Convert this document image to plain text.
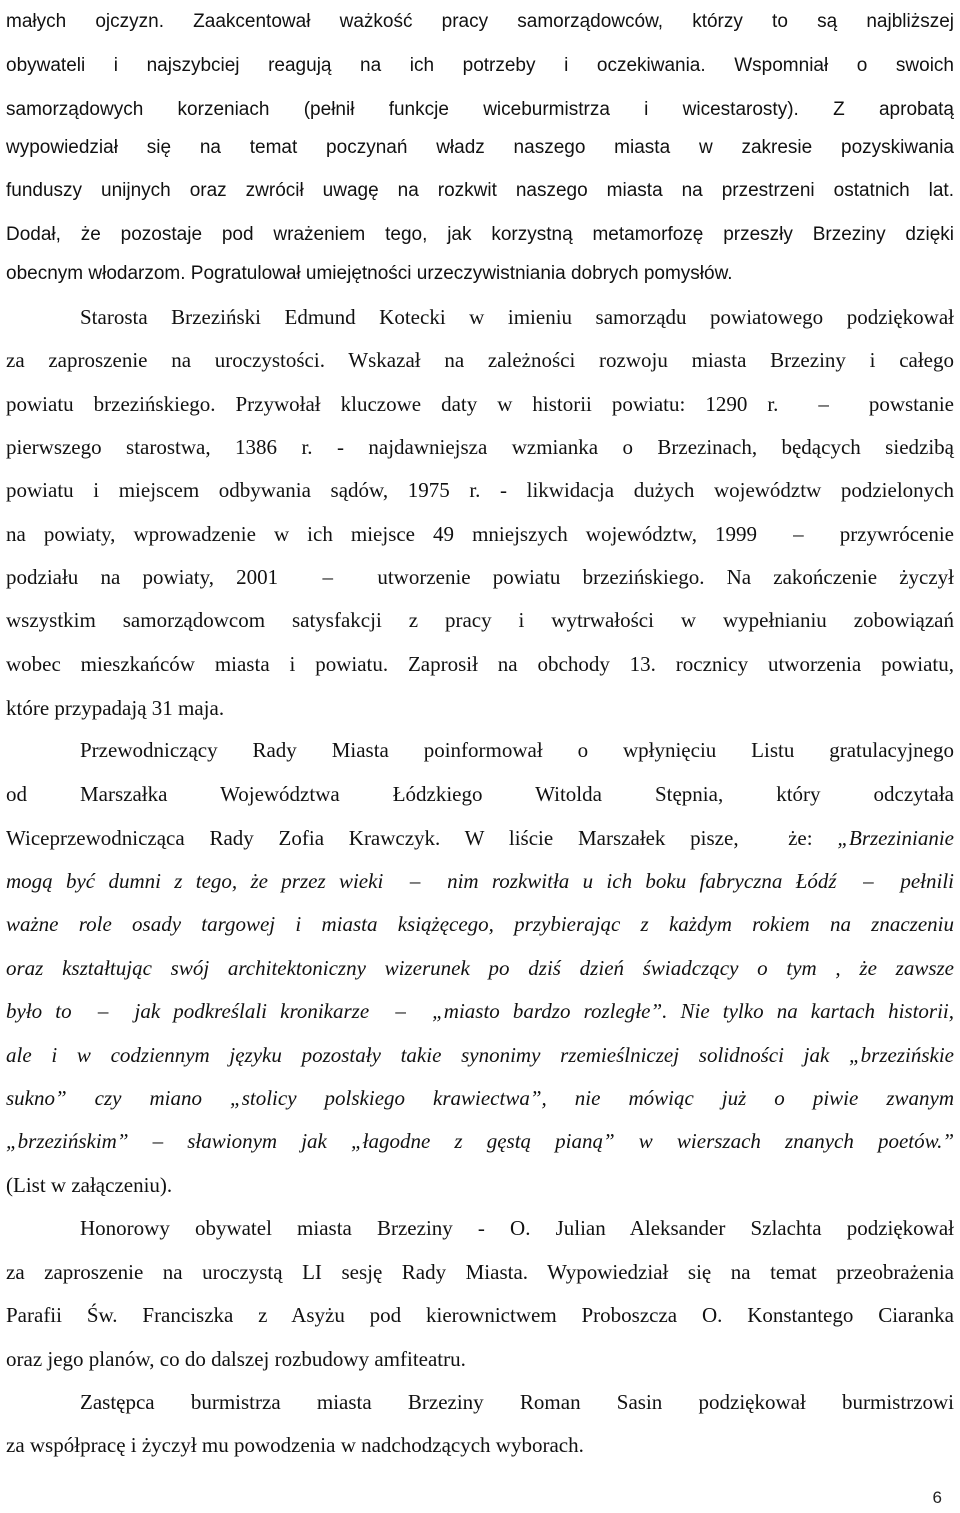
małych ojczyzn. Zaakcentował ważkość pracy samorządowców, którzy to są najbliższej
obywateli i najszybciej reagują na ich potrzeby i oczekiwania. Wspomniał o swoich
samorządowych korzeniach (pełnił funkcje wiceburmistrza i wicestarosty). Z aprobatą
wypowiedział się na temat poczynań władz naszego miasta w zakresie pozyskiwania
funduszy unijnych oraz zwrócił uwagę na rozkwit naszego miasta na przestrzeni ostatnich lat.
Dodał, że pozostaje pod wrażeniem tego, jak korzystną metamorfozę przeszły Brzeziny dzięki
obecnym włodarzom. Pogratulował umiejętności urzeczywistniania dobrych pomysłów.
Starosta Brzeziński Edmund Kotecki w imieniu samorządu powiatowego podziękował
za zaproszenie na uroczystości. Wskazał na zależności rozwoju miasta Brzeziny i całego
powiatu brzezińskiego. Przywołał kluczowe daty w historii powiatu: 1290 r.  –  powstanie
pierwszego starostwa, 1386 r. - najdawniejsza wzmianka o Brzezinach, będących siedzibą
powiatu i miejscem odbywania sądów, 1975 r. - likwidacja dużych województw podzielonych
na powiaty, wprowadzenie w ich miejsce 49 mniejszych województw, 1999  –  przywrócenie
podziału na powiaty, 2001  –  utworzenie powiatu brzezińskiego. Na zakończenie życzył
wszystkim samorządowcom satysfakcji z pracy i wytrwałości w wypełnianiu zobowiązań
wobec mieszkańców miasta i powiatu. Zaprosił na obchody 13. rocznicy utworzenia powiatu,
które przypadają 31 maja.
Przewodniczący Rady Miasta poinformował o wpłynięciu Listu gratulacyjnego
od Marszałka Województwa Łódzkiego Witolda Stępnia, który odczytała
Wiceprzewodnicząca Rady Zofia Krawczyk. W liście Marszałek pisze,  że: „Brzezinianie
mogą być dumni z tego, że przez wieki  –  nim rozkwitła u ich boku fabryczna Łódź  –  pełnili
ważne role osady targowej i miasta książęcego, przybierając z każdym rokiem na znaczeniu
oraz kształtując swój architektoniczny wizerunek po dziś dzień świadczący o tym , że zawsze
było to  –  jak podkreślali kronikarze  –  „miasto bardzo rozległe”. Nie tylko na kartach historii,
ale i w codziennym języku pozostały takie synonimy rzemieślniczej solidności jak „brzezińskie
sukno”  czy  miano  „stolicy  polskiego  krawiectwa”,  nie  mówiąc  już  o  piwie  zwanym
„brzezińskim”  –  sławionym  jak  „łagodne  z  gęstą  pianą”  w  wierszach  znanych  poetów.”
(List w załączeniu).
Honorowy obywatel miasta Brzeziny - O. Julian Aleksander Szlachta podziękował
za zaproszenie na uroczystą LI sesję Rady Miasta. Wypowiedział się na temat przeobrażenia
Parafii Św. Franciszka z Asyżu pod kierownictwem Proboszcza O. Konstantego Ciaranka
oraz jego planów, co do dalszej rozbudowy amfiteatru.
Zastępca burmistrza miasta Brzeziny Roman Sasin podziękował burmistrzowi
za współpracę i życzył mu powodzenia w nadchodzących wyborach.
6
